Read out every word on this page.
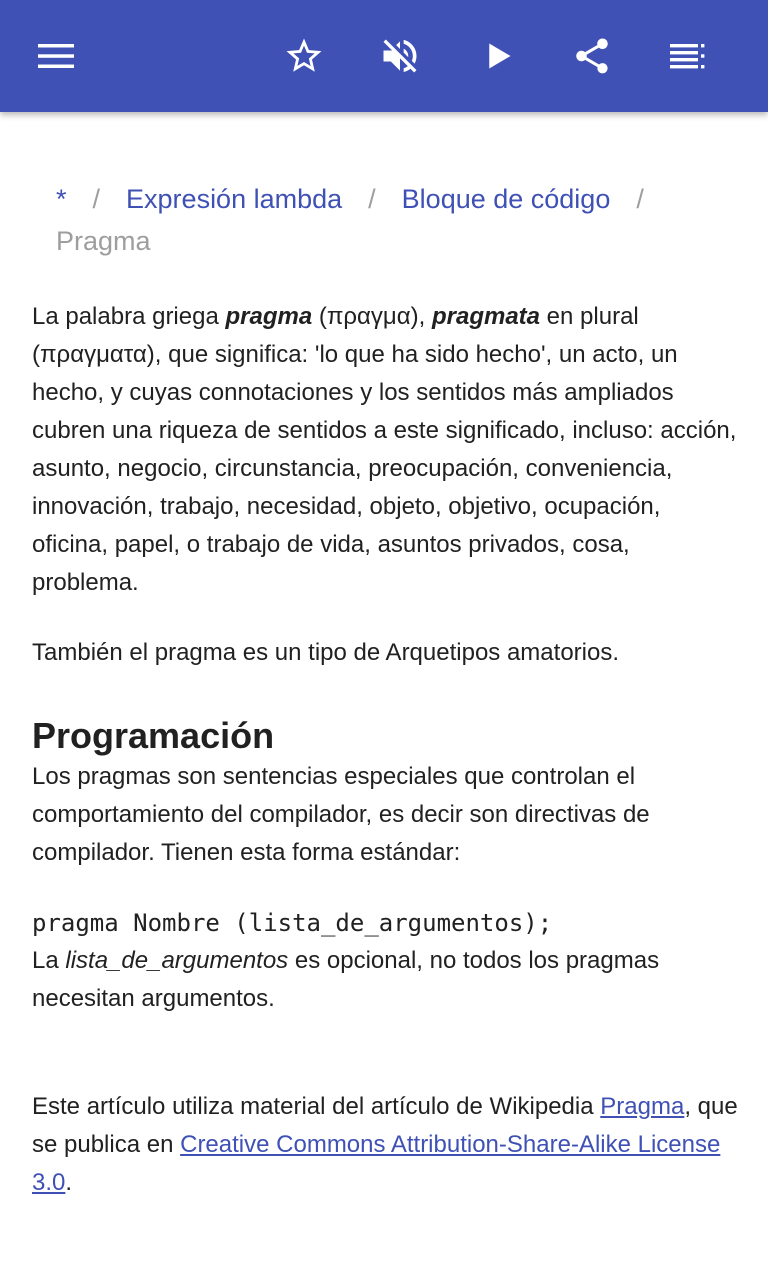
* / Expresión lambda / Bloque de código /Pragma

La palabra griega pragma (πραγμα), pragmata en plural (πραγματα), que significa: 'lo que ha sido hecho', un acto, un hecho, y cuyas connotaciones y los sentidos más ampliados cubren una riqueza de sentidos a este significado, incluso: acción, asunto, negocio, circunstancia, preocupación, conveniencia, innovación, trabajo, necesidad, objeto, objetivo, ocupación, oficina, papel, o trabajo de vida, asuntos privados, cosa, problema.

También el pragma es un tipo de Arquetipos amatorios.

Programación

Los pragmas son sentencias especiales que controlan el comportamiento del compilador, es decir son directivas de compilador. Tienen esta forma estándar:

pragma Nombre (lista_de_argumentos);

La lista_de_argumentos es opcional, no todos los pragmas necesitan argumentos.

Este artículo utiliza material del artículo de Wikipedia Pragma, que se publica en Creative Commons Attribution-Share-Alike License 3.0.
